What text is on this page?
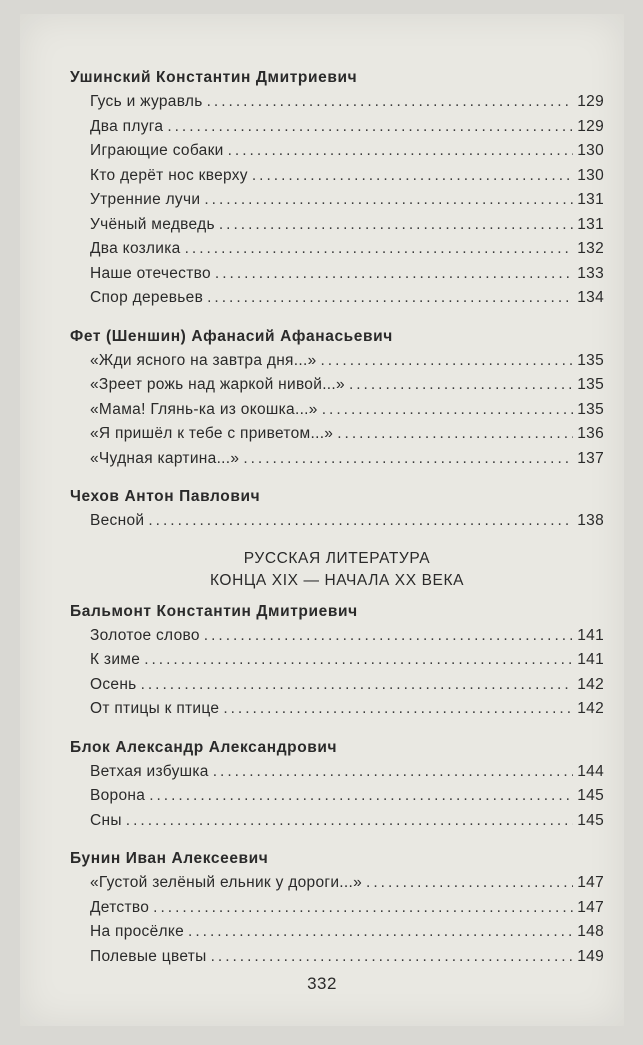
Ушинский Константин Дмитриевич
Гусь и журавль .....	129
Два плуга .....	129
Играющие собаки .....	130
Кто дерёт нос кверху .....	130
Утренние лучи .....	131
Учёный медведь .....	131
Два козлика .....	132
Наше отечество .....	133
Спор деревьев .....	134
Фет (Шеншин) Афанасий Афанасьевич
«Жди ясного на завтра дня...» .....	135
«Зреет рожь над жаркой нивой...» .....	135
«Мама! Глянь-ка из окошка...» .....	135
«Я пришёл к тебе с приветом...» .....	136
«Чудная картина...» .....	137
Чехов Антон Павлович
Весной .....	138
РУССКАЯ ЛИТЕРАТУРА
КОНЦА XIX — НАЧАЛА XX ВЕКА
Бальмонт Константин Дмитриевич
Золотое слово .....	141
К зиме .....	141
Осень .....	142
От птицы к птице .....	142
Блок Александр Александрович
Ветхая избушка .....	144
Ворона .....	145
Сны .....	145
Бунин Иван Алексеевич
«Густой зелёный ельник у дороги...» .....	147
Детство .....	147
На просёлке .....	148
Полевые цветы .....	149
332
